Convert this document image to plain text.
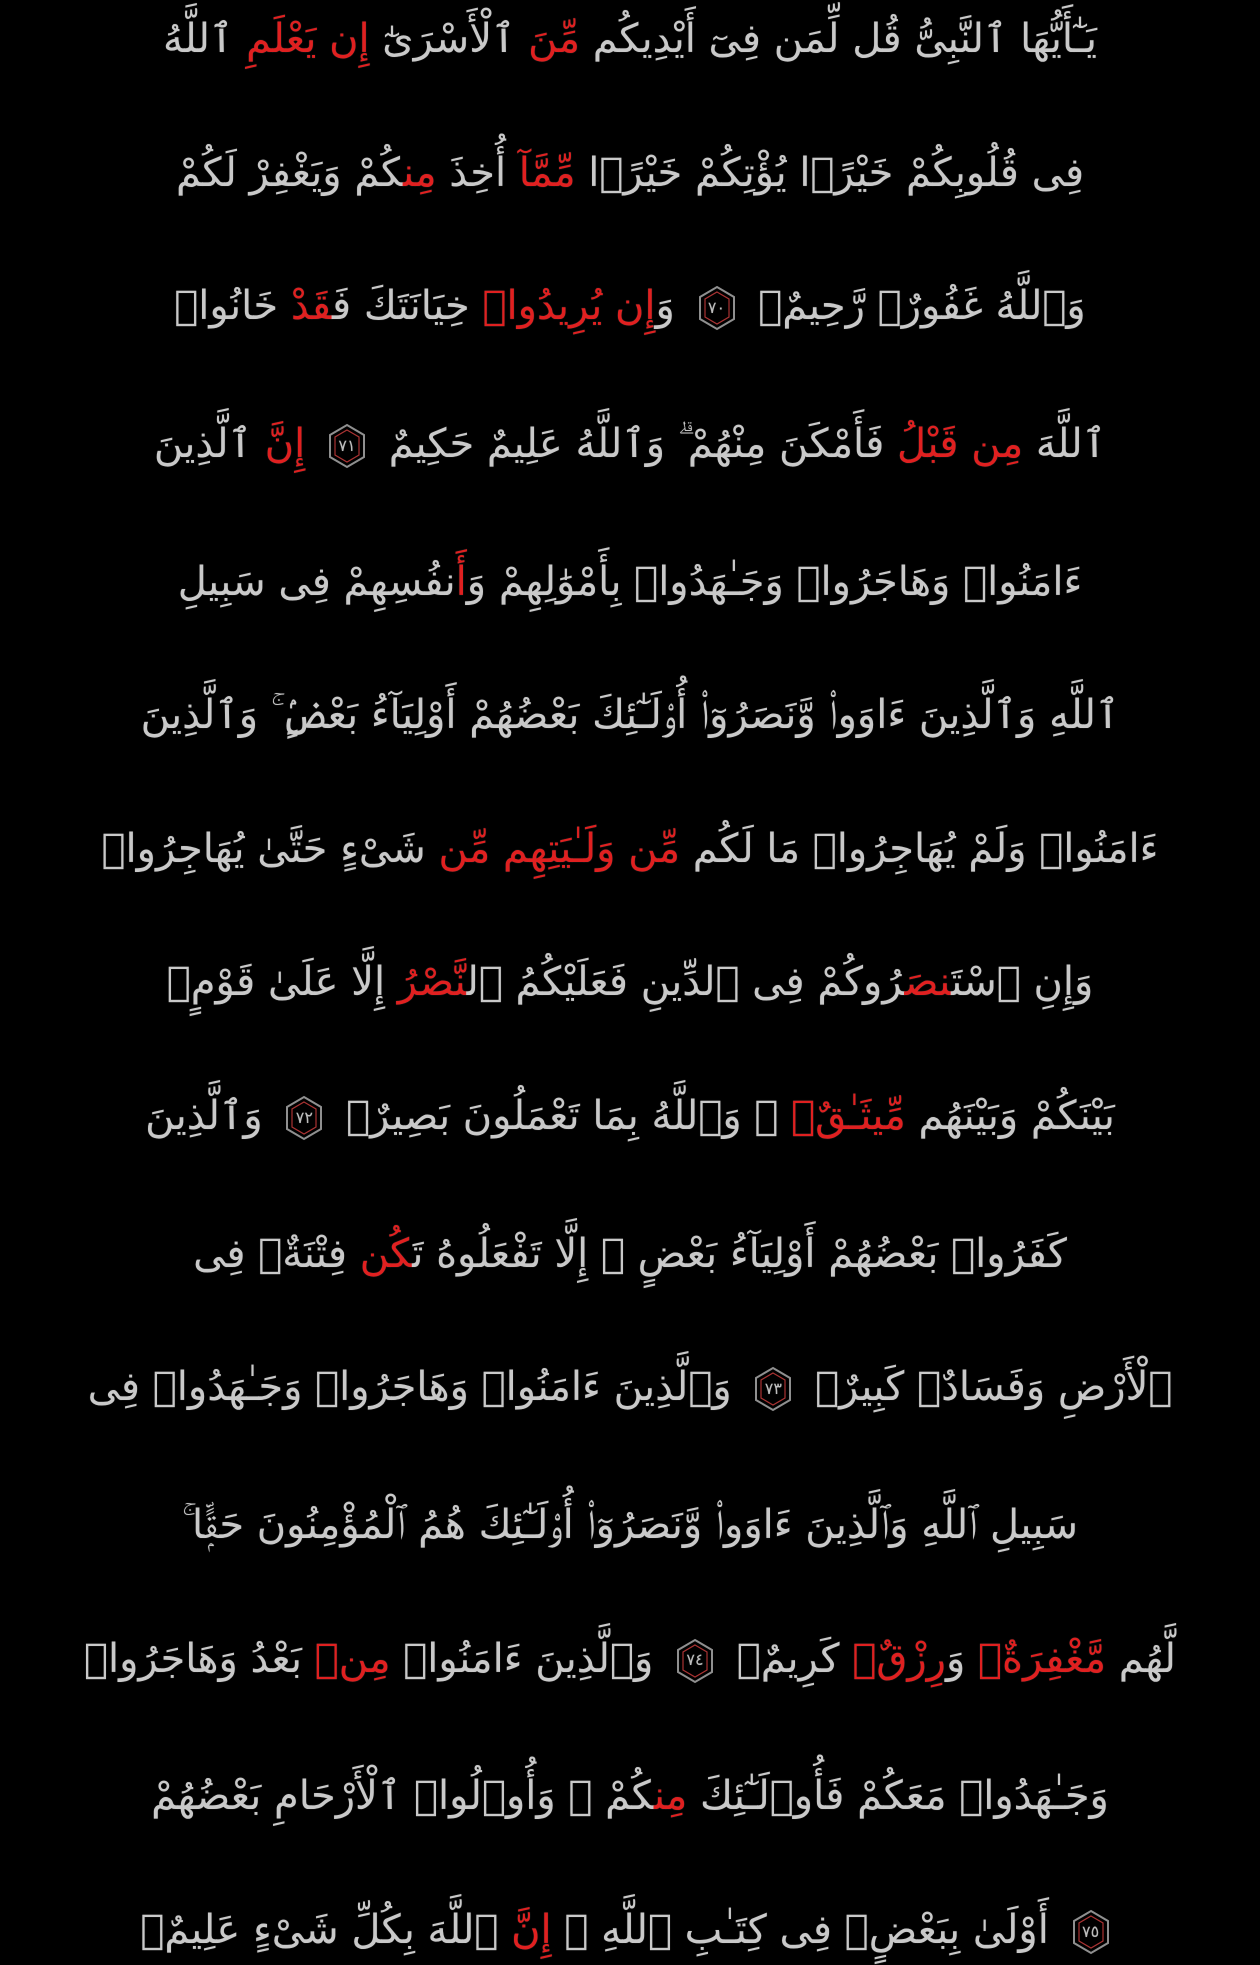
يَـٰٓأَيُّهَا ٱلنَّبِىُّ قُل لِّمَن فِىٓ أَيْدِيكُم مِّنَ ٱلْأَسْرَىٰٓ إِن يَعْلَمِ ٱللَّهُ
فِى قُلُوبِكُمْ خَيْرًۭا يُؤْتِكُمْ خَيْرًۭا مِّمَّآ أُخِذَ مِنكُمْ وَيَغْفِرْ لَكُمْ
وَٱللَّهُ غَفُورٌۭ رَّحِيمٌۭ
٧٠
وَإِن يُرِيدُوا۟ خِيَانَتَكَ فَقَدْ خَانُوا۟
ٱللَّهَ مِن قَبْلُ فَأَمْكَنَ مِنْهُمْ ۗ وَٱللَّهُ عَلِيمٌ حَكِيمٌ
٧١
إِنَّ ٱلَّذِينَ
ءَامَنُوا۟ وَهَاجَرُوا۟ وَجَـٰهَدُوا۟ بِأَمْوَٰلِهِمْ وَأَنفُسِهِمْ فِى سَبِيلِ
ٱللَّهِ وَٱلَّذِينَ ءَاوَوا۟ وَّنَصَرُوٓا۟ أُو۟لَـٰٓئِكَ بَعْضُهُمْ أَوْلِيَآءُ بَعْضٍۢ ۚ وَٱلَّذِينَ
ءَامَنُوا۟ وَلَمْ يُهَاجِرُوا۟ مَا لَكُم مِّن وَلَـٰيَتِهِم مِّن شَىْءٍ حَتَّىٰ يُهَاجِرُوا۟
وَإِنِ ٱسْتَنصَرُوكُمْ فِى ٱلدِّينِ فَعَلَيْكُمُ ٱلنَّصْرُ إِلَّا عَلَىٰ قَوْمٍۭ
بَيْنَكُمْ وَبَيْنَهُم مِّيثَـٰقٌۭ ۗ وَٱللَّهُ بِمَا تَعْمَلُونَ بَصِيرٌۭ
٧٢
وَٱلَّذِينَ
كَفَرُوا۟ بَعْضُهُمْ أَوْلِيَآءُ بَعْضٍ ۚ إِلَّا تَفْعَلُوهُ تَكُن فِتْنَةٌۭ فِى
ٱلْأَرْضِ وَفَسَادٌۭ كَبِيرٌۭ
٧٣
وَٱلَّذِينَ ءَامَنُوا۟ وَهَاجَرُوا۟ وَجَـٰهَدُوا۟ فِى
سَبِيلِ ٱللَّهِ وَٱلَّذِينَ ءَاوَوا۟ وَّنَصَرُوٓا۟ أُو۟لَـٰٓئِكَ هُمُ ٱلْمُؤْمِنُونَ حَقًّۭا ۚ
لَّهُم مَّغْفِرَةٌۭ وَرِزْقٌۭ كَرِيمٌۭ
٧٤
وَٱلَّذِينَ ءَامَنُوا۟ مِنۢ بَعْدُ وَهَاجَرُوا۟
وَجَـٰهَدُوا۟ مَعَكُمْ فَأُو۟لَـٰٓئِكَ مِنكُمْ ۚ وَأُو۟لُوا۟ ٱلْأَرْحَامِ بَعْضُهُمْ
٧٥
أَوْلَىٰ بِبَعْضٍۢ فِى كِتَـٰبِ ٱللَّهِ ۗ إِنَّ ٱللَّهَ بِكُلِّ شَىْءٍ عَلِيمٌۢ
